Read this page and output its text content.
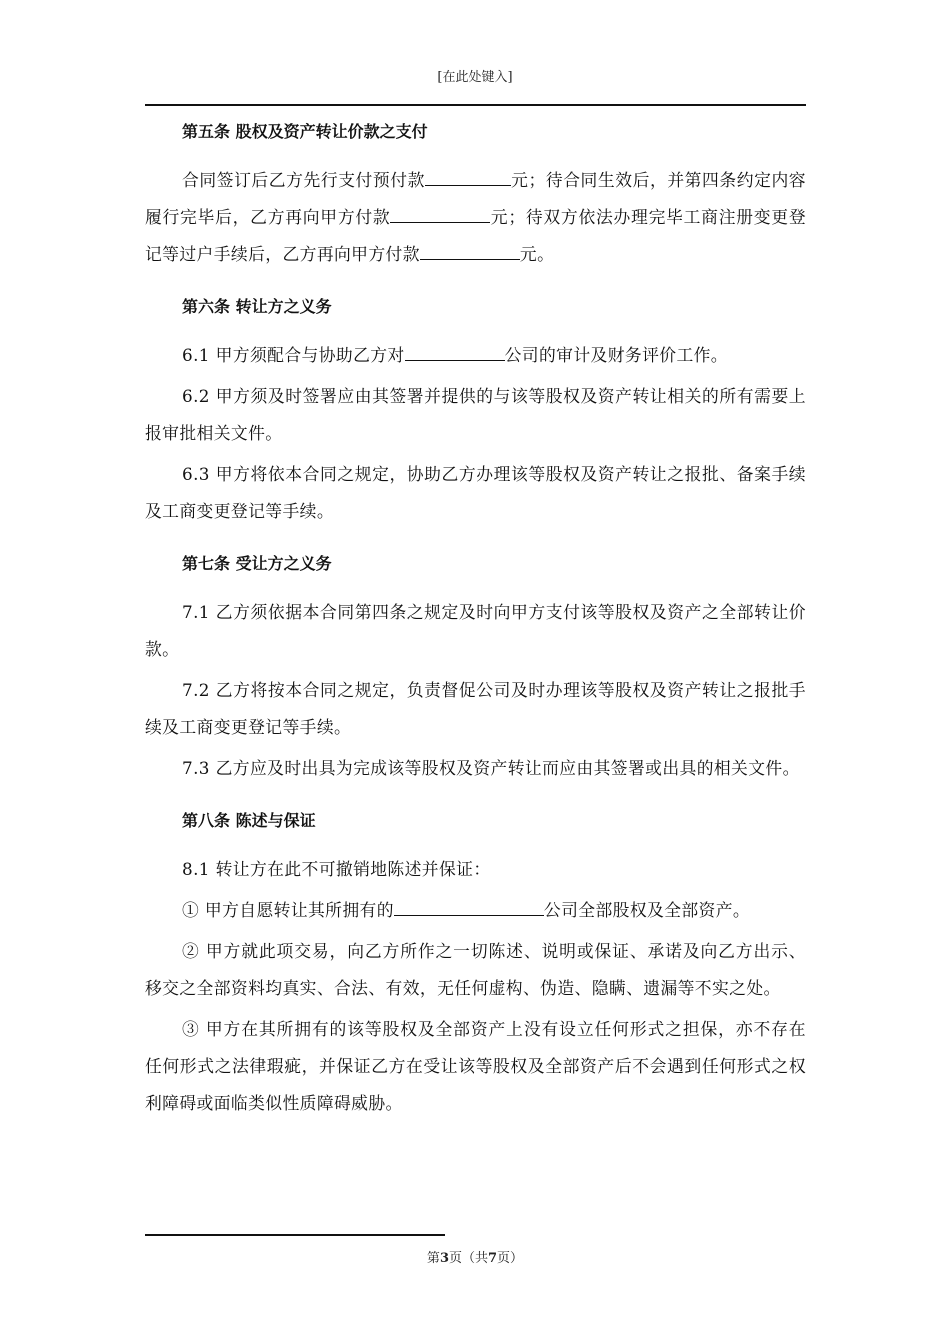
[在此处键入]

第五条 股权及资产转让价款之支付

合同签订后乙方先行支付预付款	元；待合同生效后，并第四条约定内容履行完毕后，乙方再向甲方付款	元；待双方依法办理完毕工商注册变更登记等过户手续后，乙方再向甲方付款	元。

第六条 转让方之义务

6.1 甲方须配合与协助乙方对	公司的审计及财务评价工作。

6.2 甲方须及时签署应由其签署并提供的与该等股权及资产转让相关的所有需要上报审批相关文件。

6.3 甲方将依本合同之规定，协助乙方办理该等股权及资产转让之报批、备案手续及工商变更登记等手续。

第七条 受让方之义务

7.1 乙方须依据本合同第四条之规定及时向甲方支付该等股权及资产之全部转让价款。

7.2 乙方将按本合同之规定，负责督促公司及时办理该等股权及资产转让之报批手续及工商变更登记等手续。

7.3 乙方应及时出具为完成该等股权及资产转让而应由其签署或出具的相关文件。

第八条 陈述与保证

8.1 转让方在此不可撤销地陈述并保证：

① 甲方自愿转让其所拥有的	公司全部股权及全部资产。

② 甲方就此项交易，向乙方所作之一切陈述、说明或保证、承诺及向乙方出示、移交之全部资料均真实、合法、有效，无任何虚构、伪造、隐瞒、遗漏等不实之处。

③ 甲方在其所拥有的该等股权及全部资产上没有设立任何形式之担保，亦不存在任何形式之法律瑕疵，并保证乙方在受让该等股权及全部资产后不会遇到任何形式之权利障碍或面临类似性质障碍威胁。

第3页（共7页）
